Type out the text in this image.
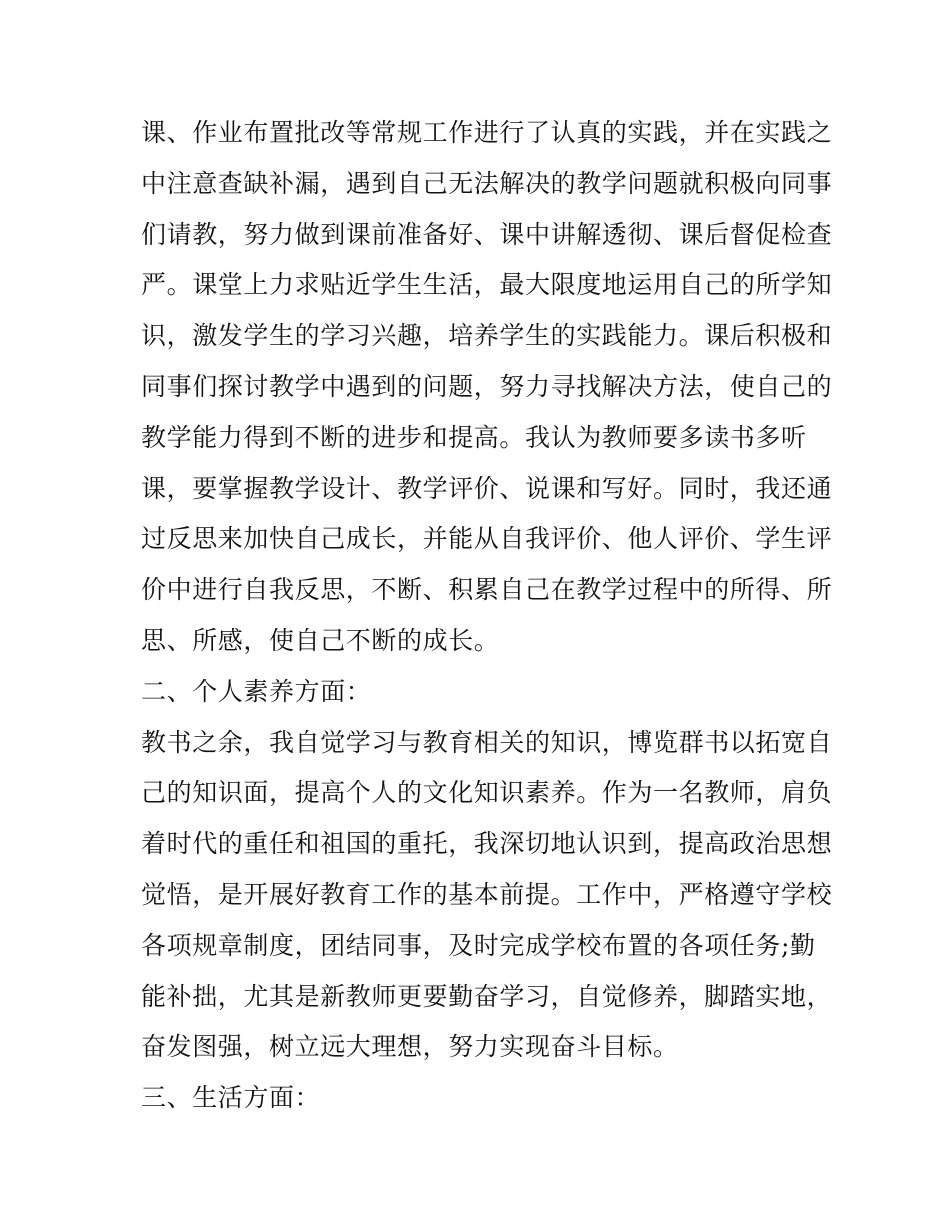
课、作业布置批改等常规工作进行了认真的实践，并在实践之
中注意查缺补漏，遇到自己无法解决的教学问题就积极向同事
们请教，努力做到课前准备好、课中讲解透彻、课后督促检查
严。课堂上力求贴近学生生活，最大限度地运用自己的所学知
识，激发学生的学习兴趣，培养学生的实践能力。课后积极和
同事们探讨教学中遇到的问题，努力寻找解决方法，使自己的
教学能力得到不断的进步和提高。我认为教师要多读书多听
课，要掌握教学设计、教学评价、说课和写好。同时，我还通
过反思来加快自己成长，并能从自我评价、他人评价、学生评
价中进行自我反思，不断、积累自己在教学过程中的所得、所
思、所感，使自己不断的成长。
二、个人素养方面：
教书之余，我自觉学习与教育相关的知识，博览群书以拓宽自
己的知识面，提高个人的文化知识素养。作为一名教师，肩负
着时代的重任和祖国的重托，我深切地认识到，提高政治思想
觉悟，是开展好教育工作的基本前提。工作中，严格遵守学校
各项规章制度，团结同事，及时完成学校布置的各项任务;勤
能补拙，尤其是新教师更要勤奋学习，自觉修养，脚踏实地，
奋发图强，树立远大理想，努力实现奋斗目标。
三、生活方面：
